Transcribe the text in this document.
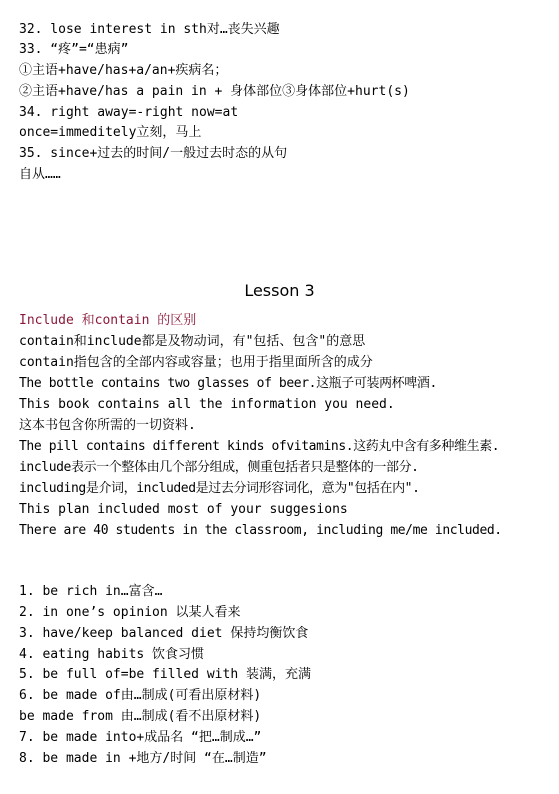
32. lose interest in sth对…丧失兴趣
33. “疼”=“患病”
①主语+have/has+a/an+疾病名；
②主语+have/has a pain in + 身体部位③身体部位+hurt(s)
34. right away=-right now=at
once=immeditely立刻，马上
35. since+过去的时间/一般过去时态的从句
自从……
Lesson 3
Include 和contain 的区别
contain和include都是及物动词，有"包括、包含"的意思
contain指包含的全部内容或容量；也用于指里面所含的成分
The bottle contains two glasses of beer.这瓶子可装两杯啤酒.
This book contains all the information you need.
这本书包含你所需的一切资料.
The pill contains different kinds ofvitamins.这药丸中含有多种维生素.
include表示一个整体由几个部分组成，侧重包括者只是整体的一部分.
including是介词，included是过去分词形容词化，意为"包括在内".
This plan included most of your suggesions
There are 40 students in the classroom, including me/me included.
1. be rich in…富含…
2. in one’s opinion 以某人看来
3. have/keep balanced diet 保持均衡饮食
4. eating habits 饮食习惯
5. be full of=be filled with 装满，充满
6. be made of由…制成(可看出原材料)
be made from 由…制成(看不出原材料)
7. be made into+成品名 “把…制成…”
8. be made in +地方/时间 “在…制造”
